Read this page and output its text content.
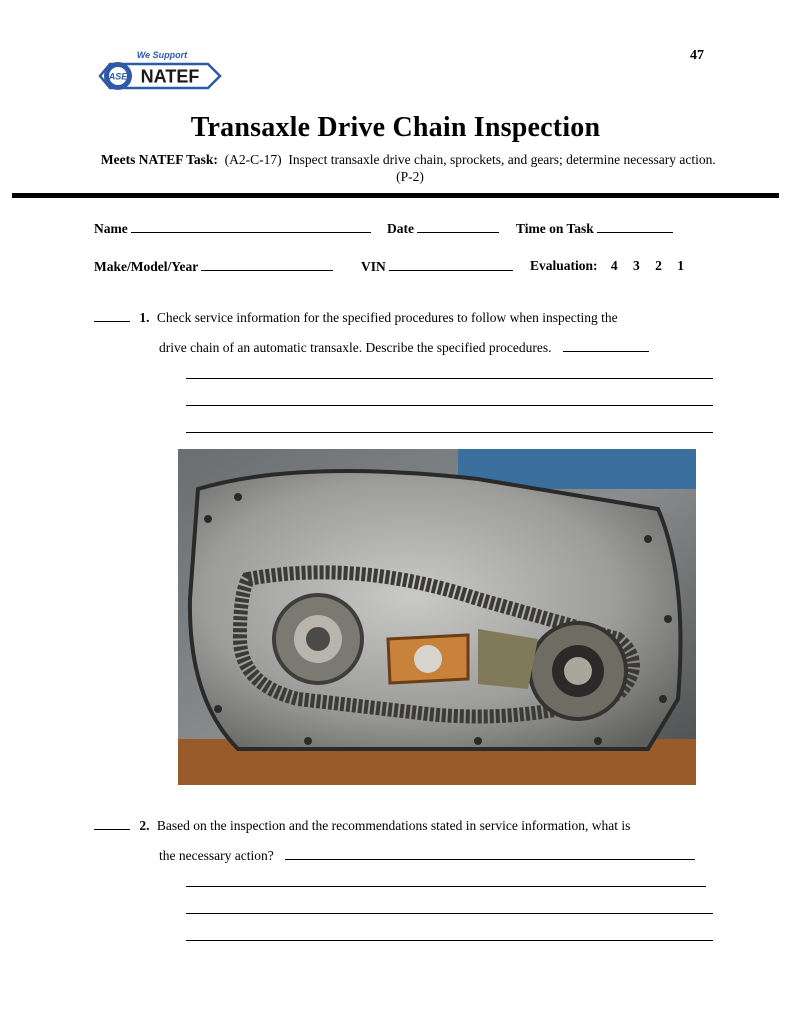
47
ASE NATEF
We Support
Transaxle Drive Chain Inspection
Meets NATEF Task: (A2-C-17) Inspect transaxle drive chain, sprockets, and gears; determine necessary action.  (P-2)
Name	Date	Time on Task
Make/Model/Year	VIN	Evaluation: 4 3 2 1
1. Check service information for the specified procedures to follow when inspecting the
drive chain of an automatic transaxle. Describe the specified procedures.
2. Based on the inspection and the recommendations stated in service information, what is
the necessary action?
